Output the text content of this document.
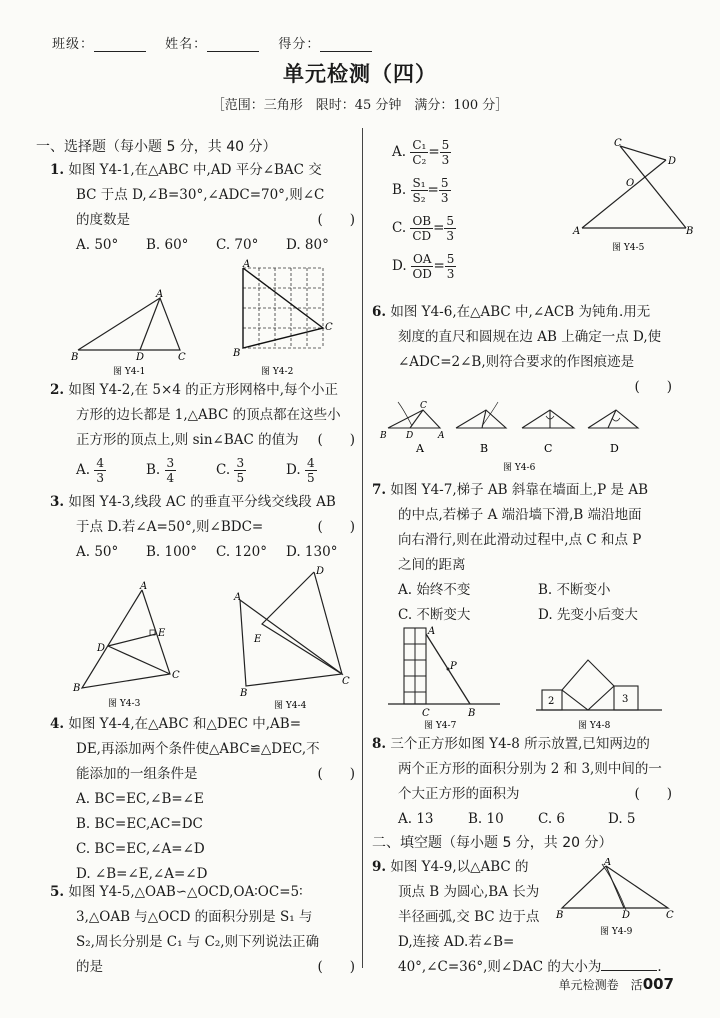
班级：	姓名：	得分：
单元检测（四）
［范围：三角形　限时：45 分钟　满分：100 分］
一、选择题（每小题 5 分，共 40 分）
1. 如图 Y4-1,在△ABC 中,AD 平分∠BAC 交
BC 于点 D,∠B=30°,∠ADC=70°,则∠C
的度数是	(　　)
A. 50° B. 60° C. 70° D. 80°
A
B	D	C
图 Y4-1
A
B
C
图 Y4-2
2. 如图 Y4-2,在 5×4 的正方形网格中,每个小正
方形的边长都是 1,△ABC 的顶点都在这些小
正方形的顶点上,则 sin∠BAC 的值为 (　　)
A. $\frac{4}{3}$	B. $\frac{3}{4}$	C. $\frac{3}{5}$	D. $\frac{4}{5}$
3. 如图 Y4-3,线段 AC 的垂直平分线交线段 AB
于点 D.若∠A=50°,则∠BDC=	(　　)
A. 50° B. 100° C. 120° D. 130°
A
E
D
B
C
图 Y4-3
D
A
E
B
C
图 Y4-4
4. 如图 Y4-4,在△ABC 和△DEC 中,AB=
DE,再添加两个条件使△ABC≌△DEC,不
能添加的一组条件是	(　　)
A. BC=EC,∠B=∠E
B. BC=EC,AC=DC
C. BC=EC,∠A=∠D
D. ∠B=∠E,∠A=∠D
5. 如图 Y4-5,△OAB∽△OCD,OA∶OC=5∶
3,△OAB 与△OCD 的面积分别是 S₁ 与
S₂,周长分别是 C₁ 与 C₂,则下列说法正确
的是	(　　)
A. $\frac{\text{C₁}}{\text{C₂}} = \frac{5}{3}$
B. $\frac{\text{S₁}}{\text{S₂}} = \frac{5}{3}$
C. $\frac{OB}{CD} = \frac{5}{3}$
D. $\frac{OA}{OD} = \frac{5}{3}$
C
D
O
A	B
图 Y4-5
6. 如图 Y4-6,在△ABC 中,∠ACB 为钝角.用无
刻度的直尺和圆规在边 AB 上确定一点 D,使
∠ADC=2∠B,则符合要求的作图痕迹是
(　　)
C
B D	A
A	B	C	D
图 Y4-6
7. 如图 Y4-7,梯子 AB 斜靠在墙面上,P 是 AB
的中点,若梯子 A 端沿墙下滑,B 端沿地面
向右滑行,则在此滑动过程中,点 C 和点 P
之间的距离
A. 始终不变	B. 不断变小
C. 不断变大	D. 先变小后变大
A
P
C	B
图 Y4-7
2	3
图 Y4-8
8. 三个正方形如图 Y4-8 所示放置,已知两边的
两个正方形的面积分别为 2 和 3,则中间的一
个大正方形的面积为	(　　)
A. 13	B. 10	C. 6	D. 5
二、填空题（每小题 5 分，共 20 分）
9. 如图 Y4-9,以△ABC 的
顶点 B 为圆心,BA 长为
半径画弧,交 BC 边于点
D,连接 AD.若∠B=
40°,∠C=36°,则∠DAC 的大小为	.
A
B	D	C
图 Y4-9
单元检测卷　活007
